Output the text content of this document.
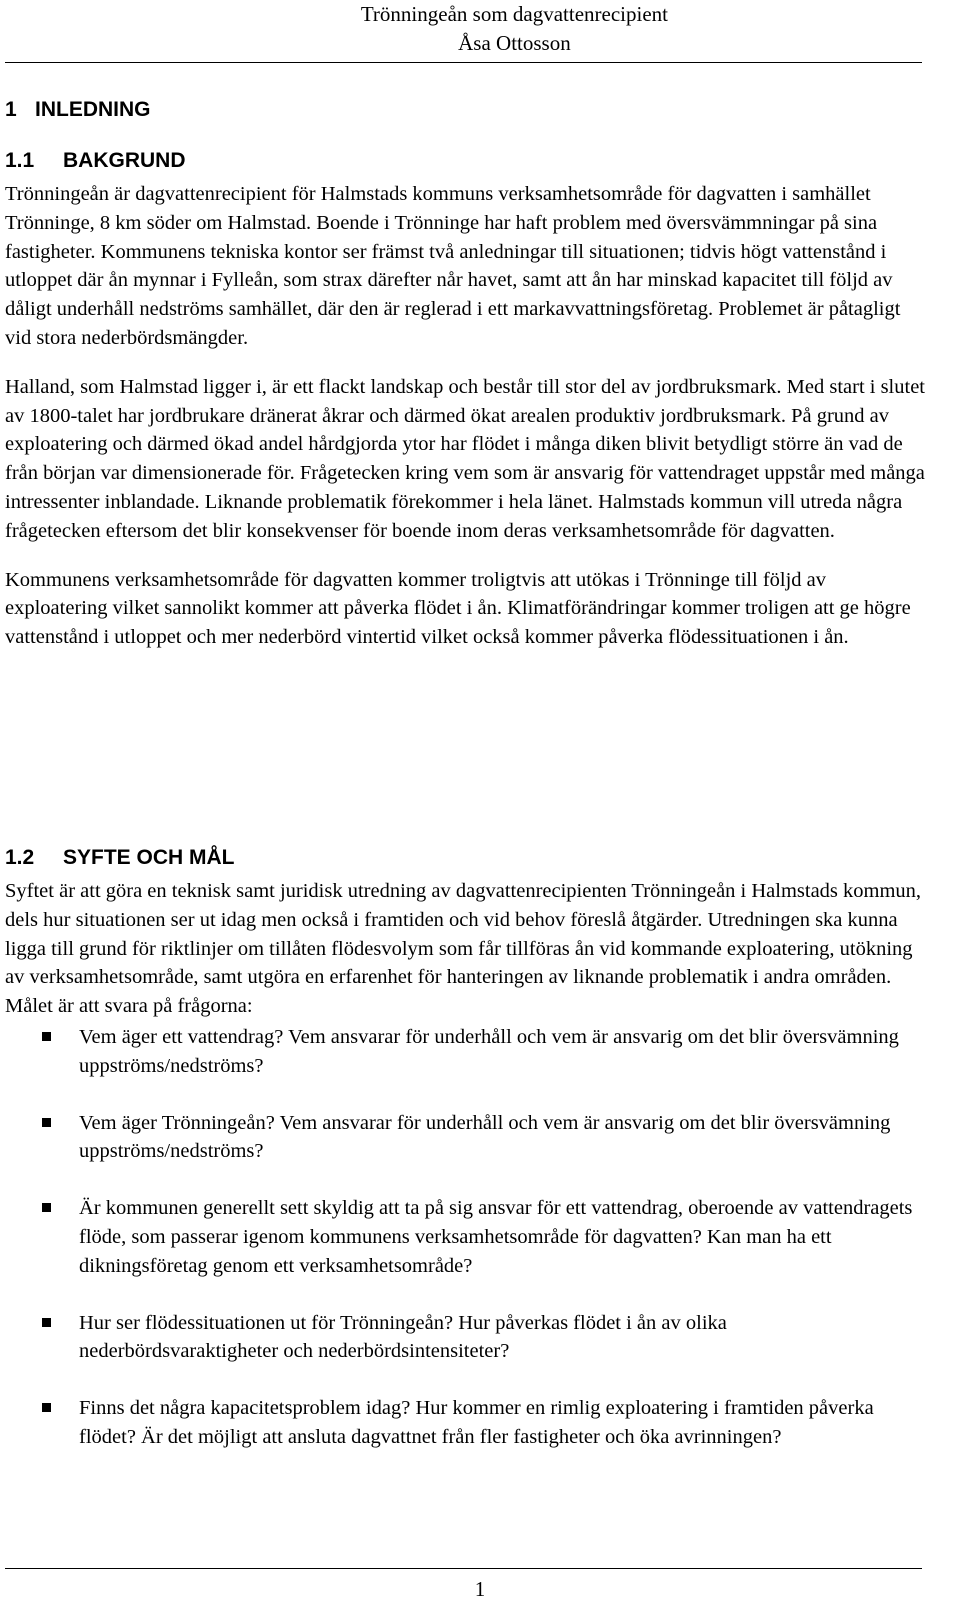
Trönningeån som dagvattenrecipient
Åsa Ottosson
1 INLEDNING
1.1 BAKGRUND

Trönningeån är dagvattenrecipient för Halmstads kommuns verksamhetsområde för dagvatten i samhället Trönninge, 8 km söder om Halmstad. Boende i Trönninge har haft problem med översvämmningar på sina fastigheter. Kommunens tekniska kontor ser främst två anledningar till situationen; tidvis högt vattenstånd i utloppet där ån mynnar i Fylleån, som strax därefter når havet, samt att ån har minskad kapacitet till följd av dåligt underhåll nedströms samhället, där den är reglerad i ett markavvattningsföretag. Problemet är påtagligt vid stora nederbördsmängder.

Halland, som Halmstad ligger i, är ett flackt landskap och består till stor del av jordbruksmark. Med start i slutet av 1800-talet har jordbrukare dränerat åkrar och därmed ökat arealen produktiv jordbruksmark. På grund av exploatering och därmed ökad andel hårdgjorda ytor har flödet i många diken blivit betydligt större än vad de från början var dimensionerade för. Frågetecken kring vem som är ansvarig för vattendraget uppstår med många intressenter inblandade. Liknande problematik förekommer i hela länet. Halmstads kommun vill utreda några frågetecken eftersom det blir konsekvenser för boende inom deras verksamhetsområde för dagvatten.

Kommunens verksamhetsområde för dagvatten kommer troligtvis att utökas i Trönninge till följd av exploatering vilket sannolikt kommer att påverka flödet i ån. Klimatförändringar kommer troligen att ge högre vattenstånd i utloppet och mer nederbörd vintertid vilket också kommer påverka flödessituationen i ån.

1.2 SYFTE OCH MÅL

Syftet är att göra en teknisk samt juridisk utredning av dagvattenrecipienten Trönningeån i Halmstads kommun, dels hur situationen ser ut idag men också i framtiden och vid behov föreslå åtgärder. Utredningen ska kunna ligga till grund för riktlinjer om tillåten flödesvolym som får tillföras ån vid kommande exploatering, utökning av verksamhetsområde, samt utgöra en erfarenhet för hanteringen av liknande problematik i andra områden. Målet är att svara på frågorna:

Vem äger ett vattendrag? Vem ansvarar för underhåll och vem är ansvarig om det blir översvämning uppströms/nedströms?
Vem äger Trönningeån? Vem ansvarar för underhåll och vem är ansvarig om det blir översvämning uppströms/nedströms?
Är kommunen generellt sett skyldig att ta på sig ansvar för ett vattendrag, oberoende av vattendragets flöde, som passerar igenom kommunens verksamhetsområde för dagvatten? Kan man ha ett dikningsföretag genom ett verksamhetsområde?
Hur ser flödessituationen ut för Trönningeån? Hur påverkas flödet i ån av olika nederbördsvaraktigheter och nederbördsintensiteter?
Finns det några kapacitetsproblem idag? Hur kommer en rimlig exploatering i framtiden påverka flödet? Är det möjligt att ansluta dagvattnet från fler fastigheter och öka avrinningen?
1
